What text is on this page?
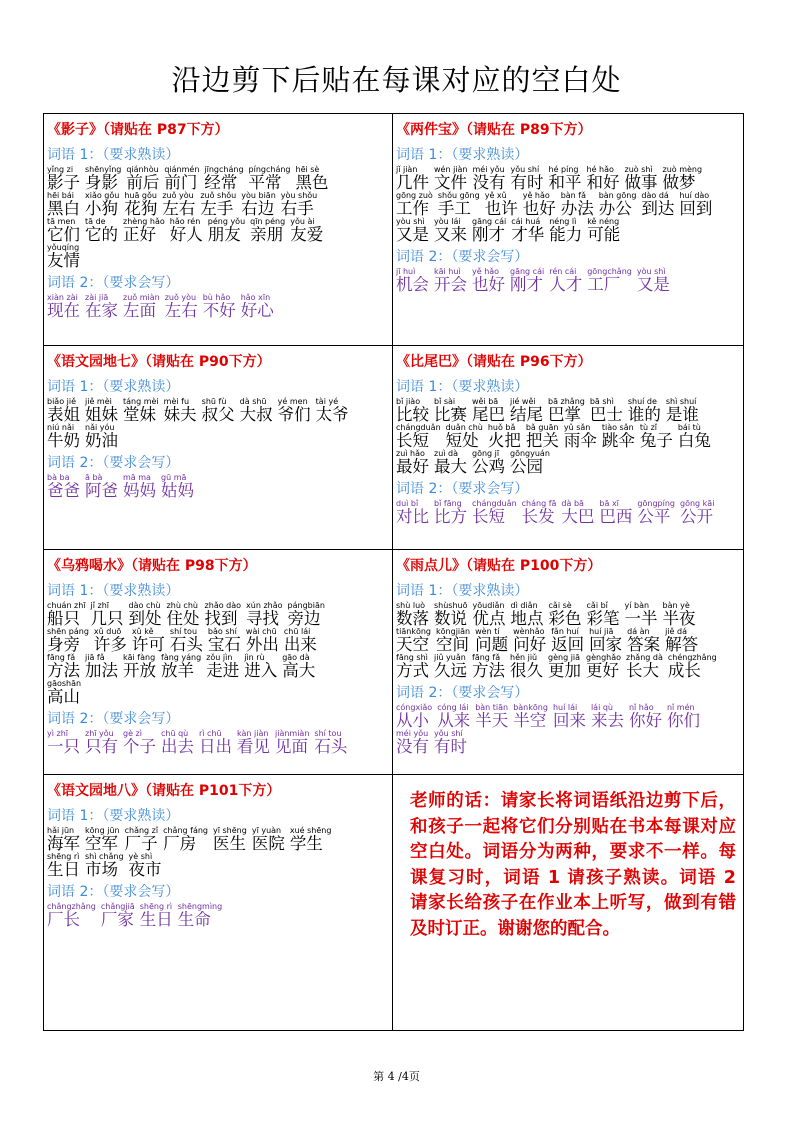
沿边剪下后贴在每课对应的空白处
《影子》（请贴在 P87下方）
词语 1：（要求熟读）
yǐng zi
影子
shēnyǐng
身影
qiánhòu
前后
qiánmén
前门
jīngcháng
经常
píngcháng
平常
hēi sè
黑色
hēi bái
黑白
xiǎo gǒu
小狗
huā gǒu
花狗
zuǒ yòu
左右
zuǒ shǒu
左手
yòu biān
右边
yòu shǒu
右手
tā men
它们
tā de
它的
zhèng hǎo
正好
hǎo rén
好人
péng yǒu
朋友
qīn péng
亲朋
yǒu ài
友爱
yǒuqíng
友情
词语 2：（要求会写）
xiàn zài
现在
zài jiā
在家
zuǒ miàn
左面
zuǒ yòu
左右
bù hǎo
不好
hǎo xīn
好心
《两件宝》（请贴在 P89下方）
词语 1：（要求熟读）
jǐ jiàn
几件
wén jiàn
文件
méi yǒu
没有
yǒu shí
有时
hé píng
和平
hé hǎo
和好
zuò shì
做事
zuò mèng
做梦
gōng zuò
工作
shǒu gōng
手工
yě xǔ
也许
yě hǎo
也好
bàn fǎ
办法
bàn gōng
办公
dào dá
到达
huí dào
回到
yòu shì
又是
yòu lái
又来
gāng cái
刚才
cái huá
才华
néng lì
能力
kě néng
可能
词语 2：（要求会写）
jī huì
机会
kāi huì
开会
yě hǎo
也好
gāng cái
刚才
rén cái
人才
gōngchǎng
工厂
yòu shì
又是
《语文园地七》（请贴在 P90下方）
词语 1：（要求熟读）
biǎo jiě
表姐
jiě mèi
姐妹
táng mèi
堂妹
mèi fu
妹夫
shū fù
叔父
dà shū
大叔
yé men
爷们
tài yé
太爷
niú nǎi
牛奶
nǎi yóu
奶油
词语 2：（要求会写）
bà ba
爸爸
ā bà
阿爸
mā ma
妈妈
gū mā
姑妈
《比尾巴》（请贴在 P96下方）
词语 1：（要求熟读）
bǐ jiào
比较
bǐ sài
比赛
wěi bā
尾巴
jié wěi
结尾
bā zhǎng
巴掌
bā shì
巴士
shuí de
谁的
shì shuí
是谁
chángduǎn
长短
duǎn chù
短处
huǒ bǎ
火把
bǎ guān
把关
yǔ sǎn
雨伞
tiào sǎn
跳伞
tù zǐ
兔子
bái tù
白兔
zuì hǎo
最好
zuì dà
最大
gōng jī
公鸡
gōngyuán
公园
词语 2：（要求会写）
duì bǐ
对比
bǐ fāng
比方
chángduǎn
长短
cháng fā
长发
dà bā
大巴
bā xī
巴西
gōngpíng
公平
gōng kāi
公开
《乌鸦喝水》（请贴在 P98下方）
词语 1：（要求熟读）
chuán zhī
船只
jǐ zhī
几只
dào chù
到处
zhù chù
住处
zhǎo dào
找到
xún zhǎo
寻找
pángbiān
旁边
shēn páng
身旁
xǔ duō
许多
xǔ kě
许可
shí tou
石头
bǎo shí
宝石
wài chū
外出
chū lái
出来
fāng fǎ
方法
jiā fǎ
加法
kāi fàng
开放
fàng yáng
放羊
zǒu jìn
走进
jìn rù
进入
gāo dà
高大
gāoshān
高山
词语 2：（要求会写）
yì zhī
一只
zhī yǒu
只有
gè zì
个子
chū qù
出去
rì chū
日出
kàn jiàn
看见
jiànmiàn
见面
shí tou
石头
《雨点儿》（请贴在 P100下方）
词语 1：（要求熟读）
shù luò
数落
shùshuō
数说
yōudiǎn
优点
dì diǎn
地点
cǎi sè
彩色
cǎi bǐ
彩笔
yí bàn
一半
bàn yè
半夜
tiānkōng
天空
kōngjiān
空间
wèn tí
问题
wènhǎo
问好
fǎn huí
返回
huí jiā
回家
dá àn
答案
jiě dá
解答
fāng shì
方式
jiǔ yuǎn
久远
fāng fǎ
方法
hěn jiǔ
很久
gèng jiā
更加
gènghǎo
更好
zhǎng dà
长大
chéngzhǎng
成长
词语 2：（要求会写）
cóngxiǎo
从小
cóng lái
从来
bàn tiān
半天
bànkōng
半空
huí lái
回来
lái qù
来去
nǐ hǎo
你好
nǐ mén
你们
méi yǒu
没有
yǒu shí
有时
《语文园地八》（请贴在 P101下方）
词语 1：（要求熟读）
hǎi jūn
海军
kōng jūn
空军
chǎng zǐ
厂子
chǎng fáng
厂房
yī shēng
医生
yī yuàn
医院
xué shēng
学生
shēng rì
生日
shì chǎng
市场
yè shì
夜市
词语 2：（要求会写）
chǎngzhǎng
厂长
chǎngjiā
厂家
shēng rì
生日
shēngmìng
生命
老师的话：请家长将词语纸沿边剪下后，和孩子一起将它们分别贴在书本每课对应空白处。词语分为两种，要求不一样。每课复习时，词语 1 请孩子熟读。词语 2 请家长给孩子在作业本上听写，做到有错及时订正。谢谢您的配合。
第 4 /4页
